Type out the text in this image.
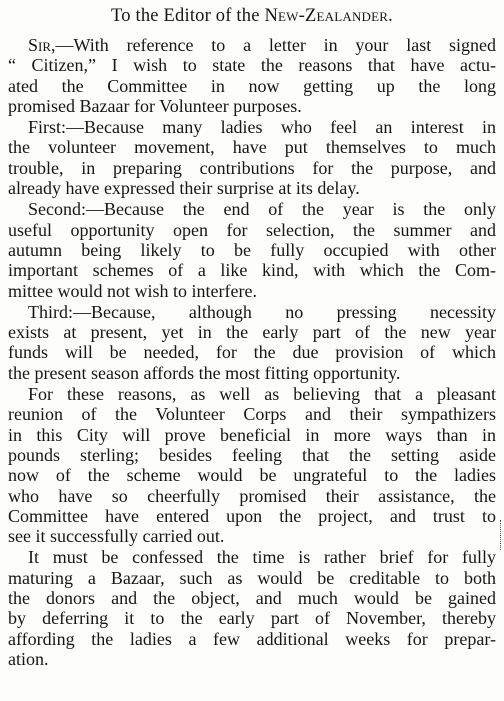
To the Editor of the New-Zealander.
Sir,—With reference to a letter in your last signed
“ Citizen,” I wish to state the reasons that have actu-
ated the Committee in now getting up the long
promised Bazaar for Volunteer purposes.
First:—Because many ladies who feel an interest in
the volunteer movement, have put themselves to much
trouble, in preparing contributions for the purpose, and
already have expressed their surprise at its delay.
Second:—Because the end of the year is the only
useful opportunity open for selection, the summer and
autumn being likely to be fully occupied with other
important schemes of a like kind, with which the Com-
mittee would not wish to interfere.
Third:—Because, although no pressing necessity
exists at present, yet in the early part of the new year
funds will be needed, for the due provision of which
the present season affords the most fitting opportunity.
For these reasons, as well as believing that a pleasant
reunion of the Volunteer Corps and their sympathizers
in this City will prove beneficial in more ways than in
pounds sterling; besides feeling that the setting aside
now of the scheme would be ungrateful to the ladies
who have so cheerfully promised their assistance, the
Committee have entered upon the project, and trust to
see it successfully carried out.
It must be confessed the time is rather brief for fully
maturing a Bazaar, such as would be creditable to both
the donors and the object, and much would be gained
by deferring it to the early part of November, thereby
affording the ladies a few additional weeks for prepar-
ation.
